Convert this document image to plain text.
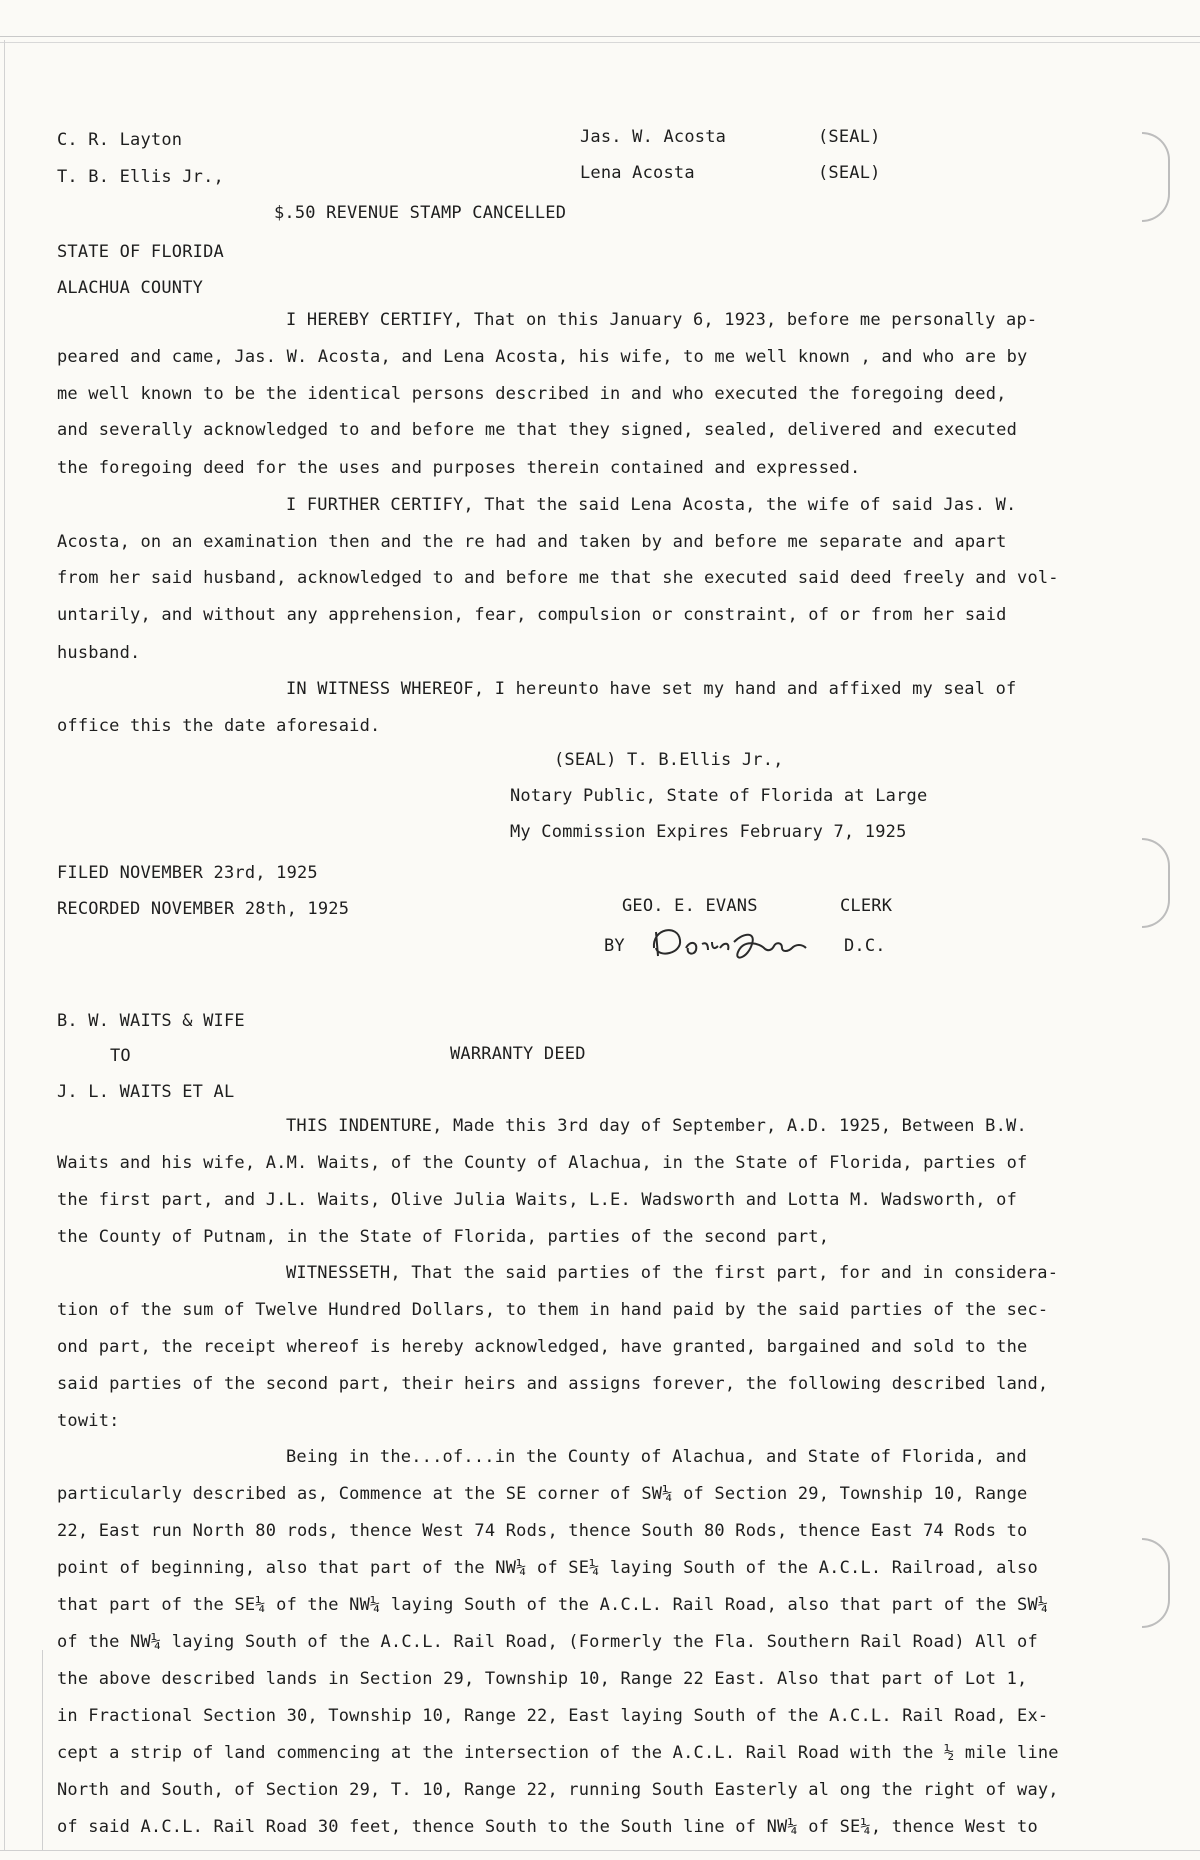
C. R. Layton
T. B. Ellis Jr.,
Jas. W. Acosta	(SEAL)
Lena Acosta	(SEAL)
$.50 REVENUE STAMP CANCELLED
STATE OF FLORIDA
ALACHUA COUNTY
I HEREBY CERTIFY, That on this January 6, 1923, before me personally ap-
peared and came, Jas. W. Acosta, and Lena Acosta, his wife, to me well known , and who are by
me well known to be the identical persons described in and who executed the foregoing deed,
and severally acknowledged to and before me that they signed, sealed, delivered and executed
the foregoing deed for the uses and purposes therein contained and expressed.
I FURTHER CERTIFY, That the said Lena Acosta, the wife of said Jas. W.
Acosta, on an examination then and the re had and taken by and before me separate and apart
from her said husband, acknowledged to and before me that she executed said deed freely and vol-
untarily, and without any apprehension, fear, compulsion or constraint, of or from her said
husband.
IN WITNESS WHEREOF, I hereunto have set my hand and affixed my seal of
office this the date aforesaid.
(SEAL) T. B.Ellis Jr.,
Notary Public, State of Florida at Large
My Commission Expires February 7, 1925
FILED NOVEMBER 23rd, 1925
RECORDED NOVEMBER 28th, 1925	GEO. E. EVANS	CLERK
BY	D.C.
B. W. WAITS & WIFE
TO	WARRANTY DEED
J. L. WAITS ET AL
THIS INDENTURE, Made this 3rd day of September, A.D. 1925, Between B.W.
Waits and his wife, A.M. Waits, of the County of Alachua, in the State of Florida, parties of
the first part, and J.L. Waits, Olive Julia Waits, L.E. Wadsworth and Lotta M. Wadsworth, of
the County of Putnam, in the State of Florida, parties of the second part,
WITNESSETH, That the said parties of the first part, for and in considera-
tion of the sum of Twelve Hundred Dollars, to them in hand paid by the said parties of the sec-
ond part, the receipt whereof is hereby acknowledged, have granted, bargained and sold to the
said parties of the second part, their heirs and assigns forever, the following described land,
towit:
Being in the...of...in the County of Alachua, and State of Florida, and
particularly described as, Commence at the SE corner of SW¼ of Section 29, Township 10, Range
22, East run North 80 rods, thence West 74 Rods, thence South 80 Rods, thence East 74 Rods to
point of beginning, also that part of the NW¼ of SE¼ laying South of the A.C.L. Railroad, also
that part of the SE¼ of the NW¼ laying South of the A.C.L. Rail Road, also that part of the SW¼
of the NW¼ laying South of the A.C.L. Rail Road, (Formerly the Fla. Southern Rail Road) All of
the above described lands in Section 29, Township 10, Range 22 East. Also that part of Lot 1,
in Fractional Section 30, Township 10, Range 22, East laying South of the A.C.L. Rail Road, Ex-
cept a strip of land commencing at the intersection of the A.C.L. Rail Road with the ½ mile line
North and South, of Section 29, T. 10, Range 22, running South Easterly al ong the right of way,
of said A.C.L. Rail Road 30 feet, thence South to the South line of NW¼ of SE¼, thence West to
